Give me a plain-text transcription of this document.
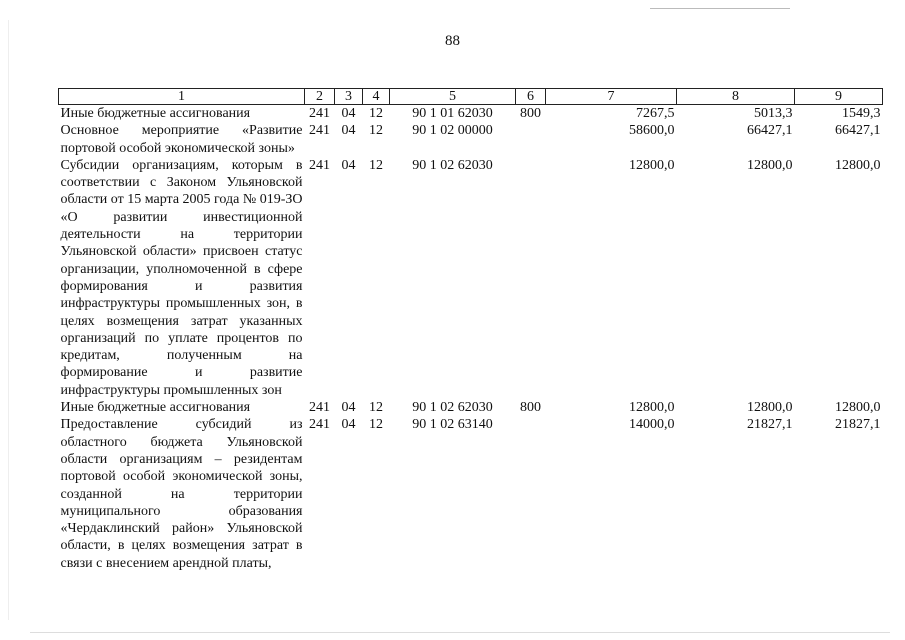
88
1	2	3	4	5	6	7	8	9
Иные бюджетные ассигнования	241	04	12	90 1 01 62030	800	7267,5	5013,3	1549,3
Основное мероприятие «Развитие портовой особой экономической зоны»	241	04	12	90 1 02 00000		58600,0	66427,1	66427,1
Субсидии организациям, которым в соответствии с Законом Ульяновской области от 15 марта 2005 года № 019-ЗО «О развитии инвестиционной деятельности на территории Ульяновской области» присвоен статус организации, уполномоченной в сфере формирования и развития инфраструктуры промышленных зон, в целях возмещения затрат указанных организаций по уплате процентов по кредитам, полученным на формирование и развитие инфраструктуры промышленных зон	241	04	12	90 1 02 62030		12800,0	12800,0	12800,0
Иные бюджетные ассигнования	241	04	12	90 1 02 62030	800	12800,0	12800,0	12800,0
Предоставление субсидий из областного бюджета Ульяновской области организациям – резидентам портовой особой экономической зоны, созданной на территории муниципального образования «Чердаклинский район» Ульяновской области, в целях возмещения затрат в связи с внесением арендной платы,	241	04	12	90 1 02 63140		14000,0	21827,1	21827,1
